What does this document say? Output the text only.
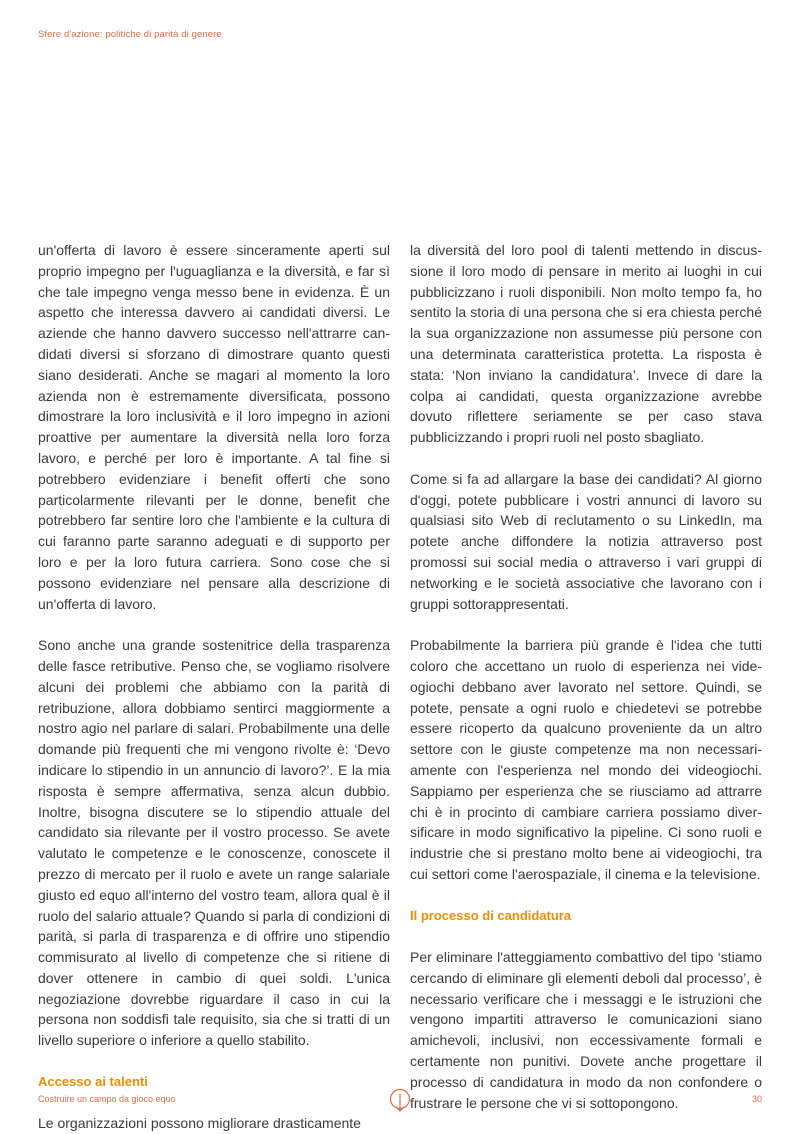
Sfere d'azione: politiche di parità di genere

un'offerta di lavoro è essere sinceramente aperti sul proprio impegno per l'uguaglianza e la diversità, e far sì che tale impegno venga messo bene in evidenza. È un aspetto che interessa davvero ai candidati diversi. Le aziende che hanno davvero successo nell'attrarre candidati diversi si sforzano di dimostrare quanto questi siano desiderati. Anche se magari al momento la loro azienda non è estremamente diversificata, possono dimostrare la loro inclusività e il loro impegno in azioni proattive per aumentare la diversità nella loro forza lavoro, e perché per loro è importante. A tal fine si potrebbero evidenziare i benefit offerti che sono particolarmente rilevanti per le donne, benefit che potrebbero far sentire loro che l'ambiente e la cultura di cui faranno parte saranno adeguati e di supporto per loro e per la loro futura carriera. Sono cose che si possono evidenziare nel pensare alla descrizione di un'offerta di lavoro.

Sono anche una grande sostenitrice della trasparenza delle fasce retributive. Penso che, se vogliamo risolvere alcuni dei problemi che abbiamo con la parità di retribuzione, allora dobbiamo sentirci maggiormente a nostro agio nel parlare di salari. Probabilmente una delle domande più frequenti che mi vengono rivolte è: ‘Devo indicare lo stipendio in un annuncio di lavoro?’. E la mia risposta è sempre affermativa, senza alcun dubbio. Inoltre, bisogna discutere se lo stipendio attuale del candidato sia rilevante per il vostro processo. Se avete valutato le competenze e le conoscenze, conoscete il prezzo di mercato per il ruolo e avete un range salariale giusto ed equo all'interno del vostro team, allora qual è il ruolo del salario attuale? Quando si parla di condizioni di parità, si parla di trasparenza e di offrire uno stipendio commisurato al livello di competenze che si ritiene di dover ottenere in cambio di quei soldi. L'unica negoziazione dovrebbe riguardare il caso in cui la persona non soddisfi tale requisito, sia che si tratti di un livello superiore o inferiore a quello stabilito.

Accesso ai talenti

Le organizzazioni possono migliorare drasticamente

la diversità del loro pool di talenti mettendo in discussione il loro modo di pensare in merito ai luoghi in cui pubblicizzano i ruoli disponibili. Non molto tempo fa, ho sentito la storia di una persona che si era chiesta perché la sua organizzazione non assumesse più persone con una determinata caratteristica protetta. La risposta è stata: ‘Non inviano la candidatura’. Invece di dare la colpa ai candidati, questa organizzazione avrebbe dovuto riflettere seriamente se per caso stava pubblicizzando i propri ruoli nel posto sbagliato.

Come si fa ad allargare la base dei candidati? Al giorno d'oggi, potete pubblicare i vostri annunci di lavoro su qualsiasi sito Web di reclutamento o su LinkedIn, ma potete anche diffondere la notizia attraverso post promossi sui social media o attraverso i vari gruppi di networking e le società associative che lavorano con i gruppi sottorappresentati.

Probabilmente la barriera più grande è l'idea che tutti coloro che accettano un ruolo di esperienza nei videogiochi debbano aver lavorato nel settore. Quindi, se potete, pensate a ogni ruolo e chiedetevi se potrebbe essere ricoperto da qualcuno proveniente da un altro settore con le giuste competenze ma non necessariamente con l'esperienza nel mondo dei videogiochi. Sappiamo per esperienza che se riusciamo ad attrarre chi è in procinto di cambiare carriera possiamo diversificare in modo significativo la pipeline. Ci sono ruoli e industrie che si prestano molto bene ai videogiochi, tra cui settori come l'aerospaziale, il cinema e la televisione.

Il processo di candidatura

Per eliminare l'atteggiamento combattivo del tipo ‘stiamo cercando di eliminare gli elementi deboli dal processo’, è necessario verificare che i messaggi e le istruzioni che vengono impartiti attraverso le comunicazioni siano amichevoli, inclusivi, non eccessivamente formali e certamente non punitivi. Dovete anche progettare il processo di candidatura in modo da non confondere o frustrare le persone che vi si sottopongono.

Costruire un campo da gioco equo	30
